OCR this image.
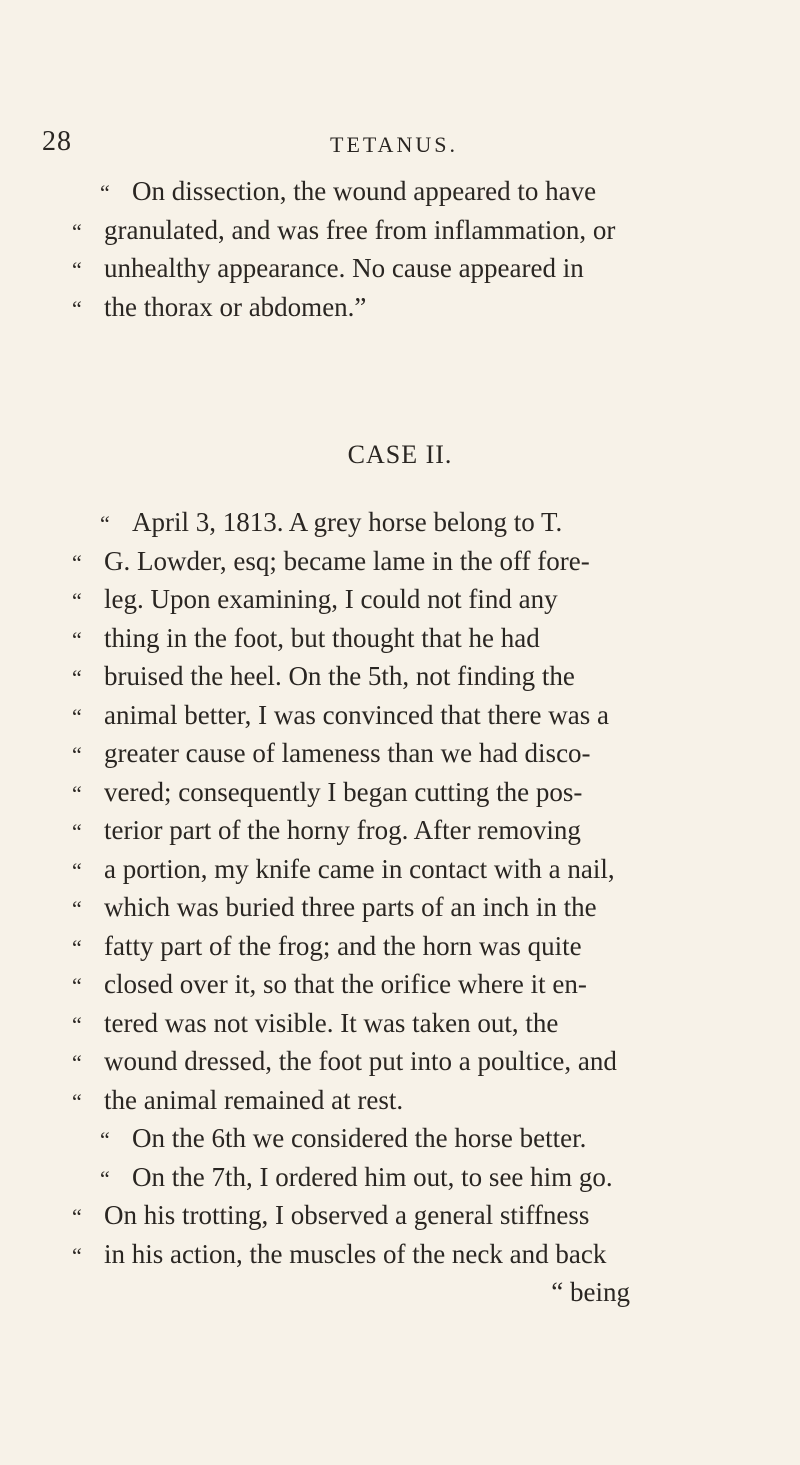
28	TETANUS.
“ On dissection, the wound appeared to have
“ granulated, and was free from inflammation, or
“ unhealthy appearance. No cause appeared in
“ the thorax or abdomen.”
CASE II.
“ April 3, 1813. A grey horse belong to T.
“ G. Lowder, esq; became lame in the off fore-
“ leg. Upon examining, I could not find any
“ thing in the foot, but thought that he had
“ bruised the heel. On the 5th, not finding the
“ animal better, I was convinced that there was a
“ greater cause of lameness than we had disco-
“ vered; consequently I began cutting the pos-
“ terior part of the horny frog. After removing
“ a portion, my knife came in contact with a nail,
“ which was buried three parts of an inch in the
“ fatty part of the frog; and the horn was quite
“ closed over it, so that the orifice where it en-
“ tered was not visible. It was taken out, the
“ wound dressed, the foot put into a poultice, and
“ the animal remained at rest.
“ On the 6th we considered the horse better.
“ On the 7th, I ordered him out, to see him go.
“ On his trotting, I observed a general stiffness
“ in his action, the muscles of the neck and back
“ being
